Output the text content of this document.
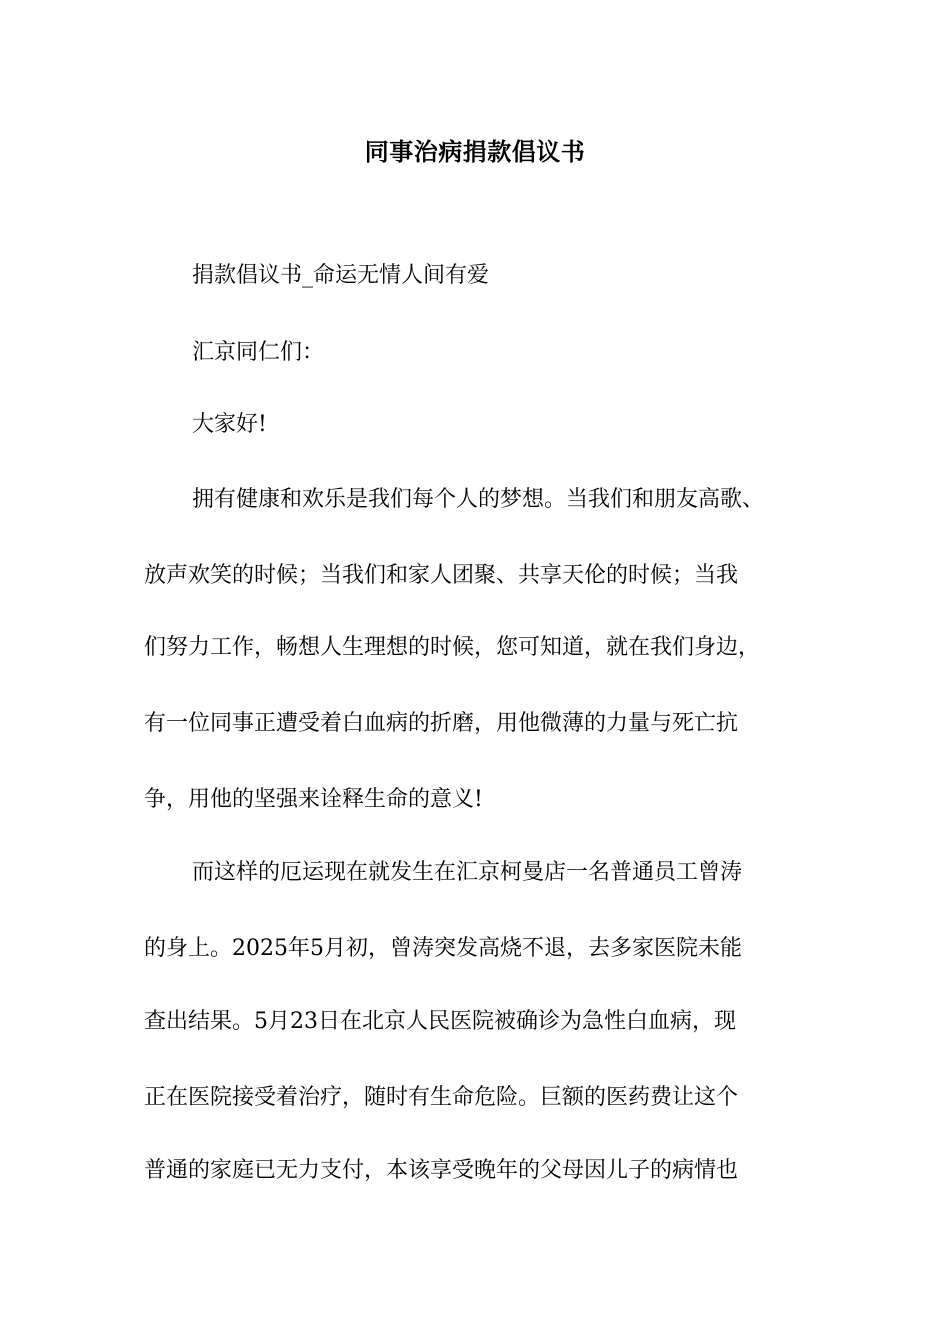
同事治病捐款倡议书
捐款倡议书_命运无情人间有爱
汇京同仁们：
大家好!
拥有健康和欢乐是我们每个人的梦想。当我们和朋友高歌、
放声欢笑的时候；当我们和家人团聚、共享天伦的时候；当我
们努力工作，畅想人生理想的时候，您可知道，就在我们身边，
有一位同事正遭受着白血病的折磨，用他微薄的力量与死亡抗
争，用他的坚强来诠释生命的意义!
而这样的厄运现在就发生在汇京柯曼店一名普通员工曾涛
的身上。2025年5月初，曾涛突发高烧不退，去多家医院未能
查出结果。5月23日在北京人民医院被确诊为急性白血病，现
正在医院接受着治疗，随时有生命危险。巨额的医药费让这个
普通的家庭已无力支付，本该享受晚年的父母因儿子的病情也
